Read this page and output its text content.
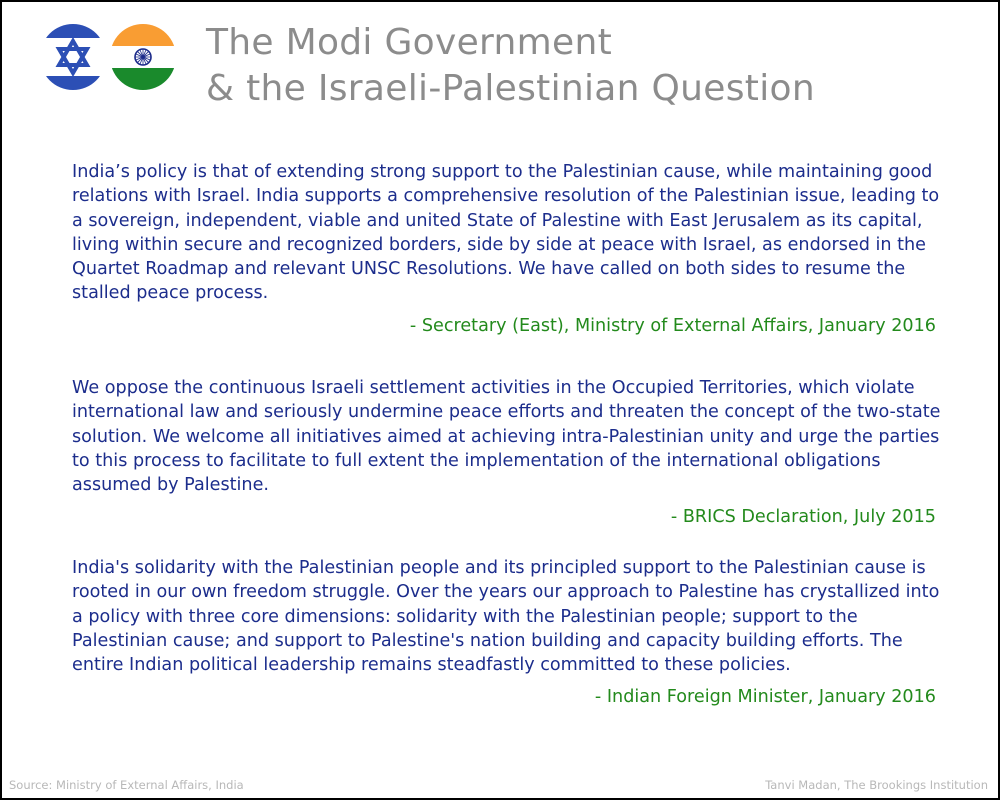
The Modi Government
& the Israeli-Palestinian Question

India’s policy is that of extending strong support to the Palestinian cause, while maintaining good relations with Israel. India supports a comprehensive resolution of the Palestinian issue, leading to a sovereign, independent, viable and united State of Palestine with East Jerusalem as its capital, living within secure and recognized borders, side by side at peace with Israel, as endorsed in the Quartet Roadmap and relevant UNSC Resolutions. We have called on both sides to resume the stalled peace process.

- Secretary (East), Ministry of External Affairs, January 2016

We oppose the continuous Israeli settlement activities in the Occupied Territories, which violate international law and seriously undermine peace efforts and threaten the concept of the two-state solution. We welcome all initiatives aimed at achieving intra-Palestinian unity and urge the parties to this process to facilitate to full extent the implementation of the international obligations assumed by Palestine.

- BRICS Declaration, July 2015

India's solidarity with the Palestinian people and its principled support to the Palestinian cause is rooted in our own freedom struggle. Over the years our approach to Palestine has crystallized into a policy with three core dimensions: solidarity with the Palestinian people; support to the Palestinian cause; and support to Palestine's nation building and capacity building efforts. The entire Indian political leadership remains steadfastly committed to these policies.

- Indian Foreign Minister, January 2016
Source: Ministry of External Affairs, India	Tanvi Madan, The Brookings Institution
